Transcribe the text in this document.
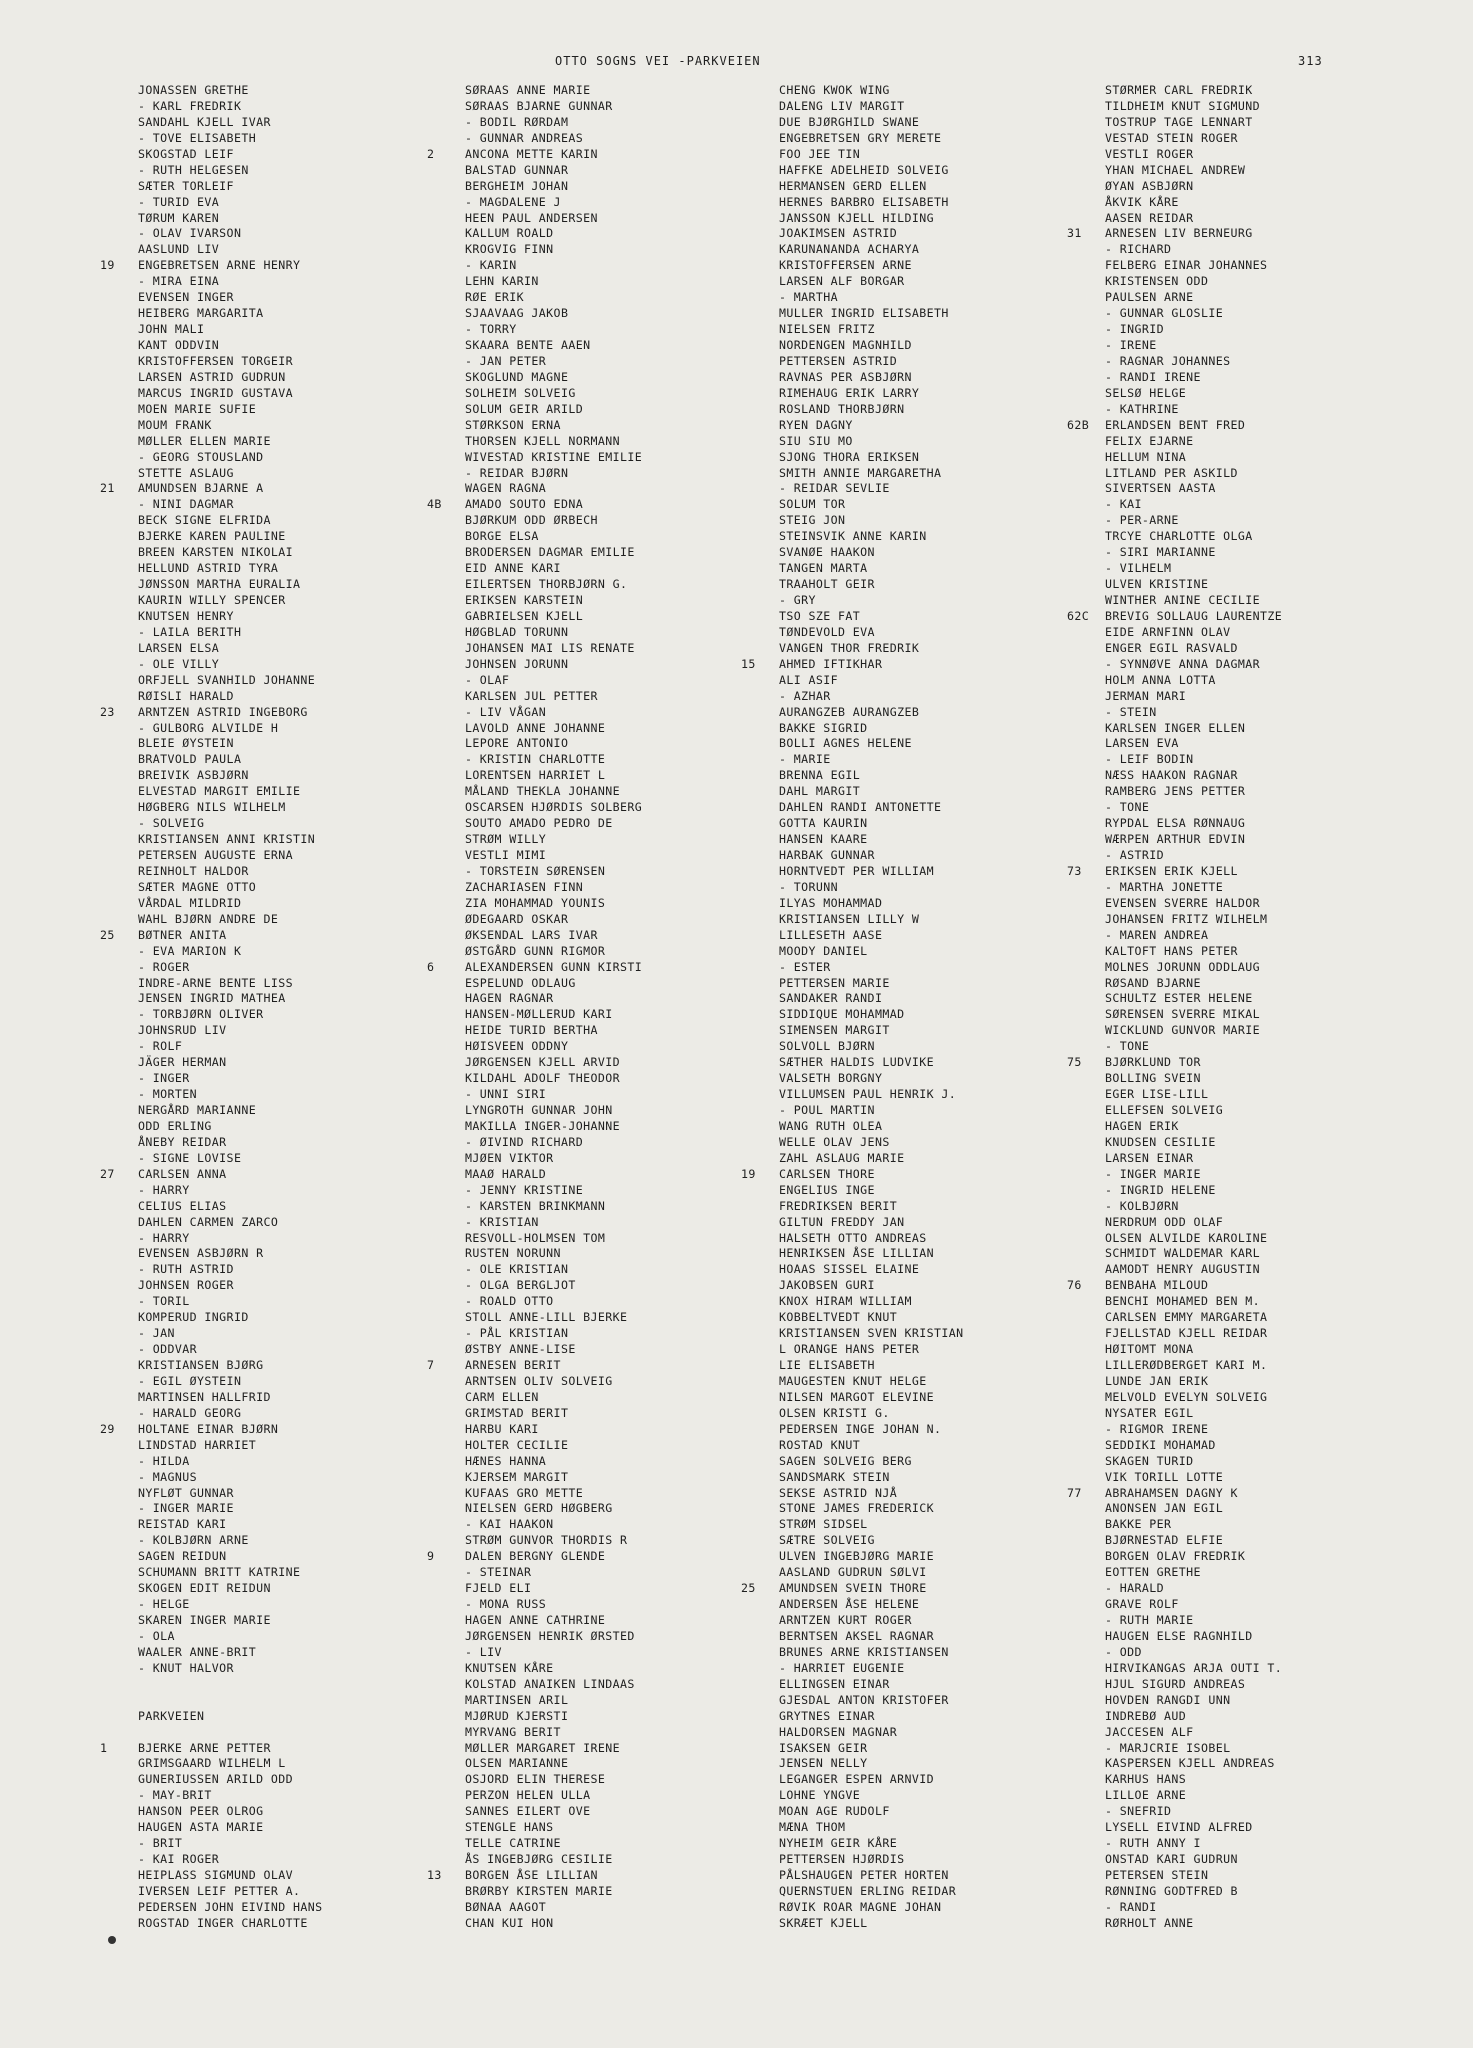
OTTO SOGNS VEI -PARKVEIEN	313
JONASSEN GRETHE
- KARL FREDRIK
SANDAHL KJELL IVAR
- TOVE ELISABETH
SKOGSTAD LEIF
- RUTH HELGESEN
SÆTER TORLEIF
- TURID EVA
TØRUM KAREN
- OLAV IVARSON
AASLUND LIV
19 ENGEBRETSEN ARNE HENRY
- MIRA EINA
EVENSEN INGER
HEIBERG MARGARITA
JOHN MALI
KANT ODDVIN
KRISTOFFERSEN TORGEIR
LARSEN ASTRID GUDRUN
MARCUS INGRID GUSTAVA
MOEN MARIE SUFIE
MOUM FRANK
MØLLER ELLEN MARIE
- GEORG STOUSLAND
STETTE ASLAUG
21 AMUNDSEN BJARNE A
- NINI DAGMAR
BECK SIGNE ELFRIDA
BJERKE KAREN PAULINE
BREEN KARSTEN NIKOLAI
HELLUND ASTRID TYRA
JØNSSON MARTHA EURALIA
KAURIN WILLY SPENCER
KNUTSEN HENRY
- LAILA BERITH
LARSEN ELSA
- OLE VILLY
ORFJELL SVANHILD JOHANNE
RØISLI HARALD
23 ARNTZEN ASTRID INGEBORG
- GULBORG ALVILDE H
BLEIE ØYSTEIN
BRATVOLD PAULA
BREIVIK ASBJØRN
ELVESTAD MARGIT EMILIE
HØGBERG NILS WILHELM
- SOLVEIG
KRISTIANSEN ANNI KRISTIN
PETERSEN AUGUSTE ERNA
REINHOLT HALDOR
SÆTER MAGNE OTTO
VÅRDAL MILDRID
WAHL BJØRN ANDRE DE
25 BØTNER ANITA
- EVA MARION K
- ROGER
INDRE-ARNE BENTE LISS
JENSEN INGRID MATHEA
- TORBJØRN OLIVER
JOHNSRUD LIV
- ROLF
JÄGER HERMAN
- INGER
- MORTEN
NERGÅRD MARIANNE
ODD ERLING
ÅNEBY REIDAR
- SIGNE LOVISE
27 CARLSEN ANNA
- HARRY
CELIUS ELIAS
DAHLEN CARMEN ZARCO
- HARRY
EVENSEN ASBJØRN R
- RUTH ASTRID
JOHNSEN ROGER
- TORIL
KOMPERUD INGRID
- JAN
- ODDVAR
KRISTIANSEN BJØRG
- EGIL ØYSTEIN
MARTINSEN HALLFRID
- HARALD GEORG
29 HOLTANE EINAR BJØRN
LINDSTAD HARRIET
- HILDA
- MAGNUS
NYFLØT GUNNAR
- INGER MARIE
REISTAD KARI
- KOLBJØRN ARNE
SAGEN REIDUN
SCHUMANN BRITT KATRINE
SKOGEN EDIT REIDUN
- HELGE
SKAREN INGER MARIE
- OLA
WAALER ANNE-BRIT
- KNUT HALVOR
PARKVEIEN
1	BJERKE ARNE PETTER
GRIMSGAARD WILHELM L
GUNERIUSSEN ARILD ODD
- MAY-BRIT
HANSON PEER OLROG
HAUGEN ASTA MARIE
- BRIT
- KAI ROGER
HEIPLASS SIGMUND OLAV
IVERSEN LEIF PETTER A.
PEDERSEN JOHN EIVIND HANS
ROGSTAD INGER CHARLOTTE
SØRAAS ANNE MARIE
SØRAAS BJARNE GUNNAR
- BODIL RØRDAM
- GUNNAR ANDREAS
2	ANCONA METTE KARIN
BALSTAD GUNNAR
BERGHEIM JOHAN
- MAGDALENE J
HEEN PAUL ANDERSEN
KALLUM ROALD
KROGVIG FINN
- KARIN
LEHN KARIN
RØE ERIK
SJAAVAAG JAKOB
- TORRY
SKAARA BENTE AAEN
- JAN PETER
SKOGLUND MAGNE
SOLHEIM SOLVEIG
SOLUM GEIR ARILD
STØRKSON ERNA
THORSEN KJELL NORMANN
WIVESTAD KRISTINE EMILIE
- REIDAR BJØRN
WAGEN RAGNA
4B AMADO SOUTO EDNA
BJØRKUM ODD ØRBECH
BORGE ELSA
BRODERSEN DAGMAR EMILIE
EID ANNE KARI
EILERTSEN THORBJØRN G.
ERIKSEN KARSTEIN
GABRIELSEN KJELL
HØGBLAD TORUNN
JOHANSEN MAI LIS RENATE
JOHNSEN JORUNN
- OLAF
KARLSEN JUL PETTER
- LIV VÅGAN
LAVOLD ANNE JOHANNE
LEPORE ANTONIO
- KRISTIN CHARLOTTE
LORENTSEN HARRIET L
MÅLAND THEKLA JOHANNE
OSCARSEN HJØRDIS SOLBERG
SOUTO AMADO PEDRO DE
STRØM WILLY
VESTLI MIMI
- TORSTEIN SØRENSEN
ZACHARIASEN FINN
ZIA MOHAMMAD YOUNIS
ØDEGAARD OSKAR
ØKSENDAL LARS IVAR
ØSTGÅRD GUNN RIGMOR
6	ALEXANDERSEN GUNN KIRSTI
ESPELUND ODLAUG
HAGEN RAGNAR
HANSEN-MØLLERUD KARI
HEIDE TURID BERTHA
HØISVEEN ODDNY
JØRGENSEN KJELL ARVID
KILDAHL ADOLF THEODOR
- UNNI SIRI
LYNGROTH GUNNAR JOHN
MAKILLA INGER-JOHANNE
- ØIVIND RICHARD
MJØEN VIKTOR
MAAØ HARALD
- JENNY KRISTINE
- KARSTEN BRINKMANN
- KRISTIAN
RESVOLL-HOLMSEN TOM
RUSTEN NORUNN
- OLE KRISTIAN
- OLGA BERGLJOT
- ROALD OTTO
STOLL ANNE-LILL BJERKE
- PÅL KRISTIAN
ØSTBY ANNE-LISE
7	ARNESEN BERIT
ARNTSEN OLIV SOLVEIG
CARM ELLEN
GRIMSTAD BERIT
HARBU KARI
HOLTER CECILIE
HÆNES HANNA
KJERSEM MARGIT
KUFAAS GRO METTE
NIELSEN GERD HØGBERG
- KAI HAAKON
STRØM GUNVOR THORDIS R
9	DALEN BERGNY GLENDE
- STEINAR
FJELD ELI
- MONA RUSS
HAGEN ANNE CATHRINE
JØRGENSEN HENRIK ØRSTED
- LIV
KNUTSEN KÅRE
KOLSTAD ANAIKEN LINDAAS
MARTINSEN ARIL
MJØRUD KJERSTI
MYRVANG BERIT
MØLLER MARGARET IRENE
OLSEN MARIANNE
OSJORD ELIN THERESE
PERZON HELEN ULLA
SANNES EILERT OVE
STENGLE HANS
TELLE CATRINE
ÅS INGEBJØRG CESILIE
13 BORGEN ÅSE LILLIAN
BRØRBY KIRSTEN MARIE
BØNAA AAGOT
CHAN KUI HON
CHENG KWOK WING
DALENG LIV MARGIT
DUE BJØRGHILD SWANE
ENGEBRETSEN GRY MERETE
FOO JEE TIN
HAFFKE ADELHEID SOLVEIG
HERMANSEN GERD ELLEN
HERNES BARBRO ELISABETH
JANSSON KJELL HILDING
JOAKIMSEN ASTRID
KARUNANANDA ACHARYA
KRISTOFFERSEN ARNE
LARSEN ALF BORGAR
- MARTHA
MULLER INGRID ELISABETH
NIELSEN FRITZ
NORDENGEN MAGNHILD
PETTERSEN ASTRID
RAVNAS PER ASBJØRN
RIMEHAUG ERIK LARRY
ROSLAND THORBJØRN
RYEN DAGNY
SIU SIU MO
SJONG THORA ERIKSEN
SMITH ANNIE MARGARETHA
- REIDAR SEVLIE
SOLUM TOR
STEIG JON
STEINSVIK ANNE KARIN
SVANØE HAAKON
TANGEN MARTA
TRAAHOLT GEIR
- GRY
TSO SZE FAT
TØNDEVOLD EVA
VANGEN THOR FREDRIK
15 AHMED IFTIKHAR
ALI ASIF
- AZHAR
AURANGZEB AURANGZEB
BAKKE SIGRID
BOLLI AGNES HELENE
- MARIE
BRENNA EGIL
DAHL MARGIT
DAHLEN RANDI ANTONETTE
GOTTA KAURIN
HANSEN KAARE
HARBAK GUNNAR
HORNTVEDT PER WILLIAM
- TORUNN
ILYAS MOHAMMAD
KRISTIANSEN LILLY W
LILLESETH AASE
MOODY DANIEL
- ESTER
PETTERSEN MARIE
SANDAKER RANDI
SIDDIQUE MOHAMMAD
SIMENSEN MARGIT
SOLVOLL BJØRN
SÆTHER HALDIS LUDVIKE
VALSETH BORGNY
VILLUMSEN PAUL HENRIK J.
- POUL MARTIN
WANG RUTH OLEA
WELLE OLAV JENS
ZAHL ASLAUG MARIE
19 CARLSEN THORE
ENGELIUS INGE
FREDRIKSEN BERIT
GILTUN FREDDY JAN
HALSETH OTTO ANDREAS
HENRIKSEN ÅSE LILLIAN
HOAAS SISSEL ELAINE
JAKOBSEN GURI
KNOX HIRAM WILLIAM
KOBBELTVEDT KNUT
KRISTIANSEN SVEN KRISTIAN
L ORANGE HANS PETER
LIE ELISABETH
MAUGESTEN KNUT HELGE
NILSEN MARGOT ELEVINE
OLSEN KRISTI G.
PEDERSEN INGE JOHAN N.
ROSTAD KNUT
SAGEN SOLVEIG BERG
SANDSMARK STEIN
SEKSE ASTRID NJÅ
STONE JAMES FREDERICK
STRØM SIDSEL
SÆTRE SOLVEIG
ULVEN INGEBJØRG MARIE
AASLAND GUDRUN SØLVI
25 AMUNDSEN SVEIN THORE
ANDERSEN ÅSE HELENE
ARNTZEN KURT ROGER
BERNTSEN AKSEL RAGNAR
BRUNES ARNE KRISTIANSEN
- HARRIET EUGENIE
ELLINGSEN EINAR
GJESDAL ANTON KRISTOFER
GRYTNES EINAR
HALDORSEN MAGNAR
ISAKSEN GEIR
JENSEN NELLY
LEGANGER ESPEN ARNVID
LOHNE YNGVE
MOAN AGE RUDOLF
MÆNA THOM
NYHEIM GEIR KÅRE
PETTERSEN HJØRDIS
PÅLSHAUGEN PETER HORTEN
QUERNSTUEN ERLING REIDAR
RØVIK ROAR MAGNE JOHAN
SKRÆET KJELL
STØRMER CARL FREDRIK
TILDHEIM KNUT SIGMUND
TOSTRUP TAGE LENNART
VESTAD STEIN ROGER
VESTLI ROGER
YHAN MICHAEL ANDREW
ØYAN ASBJØRN
ÅKVIK KÅRE
AASEN REIDAR
31 ARNESEN LIV BERNEURG
- RICHARD
FELBERG EINAR JOHANNES
KRISTENSEN ODD
PAULSEN ARNE
- GUNNAR GLOSLIE
- INGRID
- IRENE
- RAGNAR JOHANNES
- RANDI IRENE
SELSØ HELGE
- KATHRINE
62B ERLANDSEN BENT FRED
FELIX EJARNE
HELLUM NINA
LITLAND PER ASKILD
SIVERTSEN AASTA
- KAI
- PER-ARNE
TRCYE CHARLOTTE OLGA
- SIRI MARIANNE
- VILHELM
ULVEN KRISTINE
WINTHER ANINE CECILIE
62C BREVIG SOLLAUG LAURENTZE
EIDE ARNFINN OLAV
ENGER EGIL RASVALD
- SYNNØVE ANNA DAGMAR
HOLM ANNA LOTTA
JERMAN MARI
- STEIN
KARLSEN INGER ELLEN
LARSEN EVA
- LEIF BODIN
NÆSS HAAKON RAGNAR
RAMBERG JENS PETTER
- TONE
RYPDAL ELSA RØNNAUG
WÆRPEN ARTHUR EDVIN
- ASTRID
73 ERIKSEN ERIK KJELL
- MARTHA JONETTE
EVENSEN SVERRE HALDOR
JOHANSEN FRITZ WILHELM
- MAREN ANDREA
KALTOFT HANS PETER
MOLNES JORUNN ODDLAUG
RØSAND BJARNE
SCHULTZ ESTER HELENE
SØRENSEN SVERRE MIKAL
WICKLUND GUNVOR MARIE
- TONE
75 BJØRKLUND TOR
BOLLING SVEIN
EGER LISE-LILL
ELLEFSEN SOLVEIG
HAGEN ERIK
KNUDSEN CESILIE
LARSEN EINAR
- INGER MARIE
- INGRID HELENE
- KOLBJØRN
NERDRUM ODD OLAF
OLSEN ALVILDE KAROLINE
SCHMIDT WALDEMAR KARL
AAMODT HENRY AUGUSTIN
76 BENBAHA MILOUD
BENCHI MOHAMED BEN M.
CARLSEN EMMY MARGARETA
FJELLSTAD KJELL REIDAR
HØITOMT MONA
LILLERØDBERGET KARI M.
LUNDE JAN ERIK
MELVOLD EVELYN SOLVEIG
NYSATER EGIL
- RIGMOR IRENE
SEDDIKI MOHAMAD
SKAGEN TURID
VIK TORILL LOTTE
77 ABRAHAMSEN DAGNY K
ANONSEN JAN EGIL
BAKKE PER
BJØRNESTAD ELFIE
BORGEN OLAV FREDRIK
EOTTEN GRETHE
- HARALD
GRAVE ROLF
- RUTH MARIE
HAUGEN ELSE RAGNHILD
- ODD
HIRVIKANGAS ARJA OUTI T.
HJUL SIGURD ANDREAS
HOVDEN RANGDI UNN
INDREBØ AUD
JACCESEN ALF
- MARJCRIE ISOBEL
KASPERSEN KJELL ANDREAS
KARHUS HANS
LILLOE ARNE
- SNEFRID
LYSELL EIVIND ALFRED
- RUTH ANNY I
ONSTAD KARI GUDRUN
PETERSEN STEIN
RØNNING GODTFRED B
- RANDI
RØRHOLT ANNE
